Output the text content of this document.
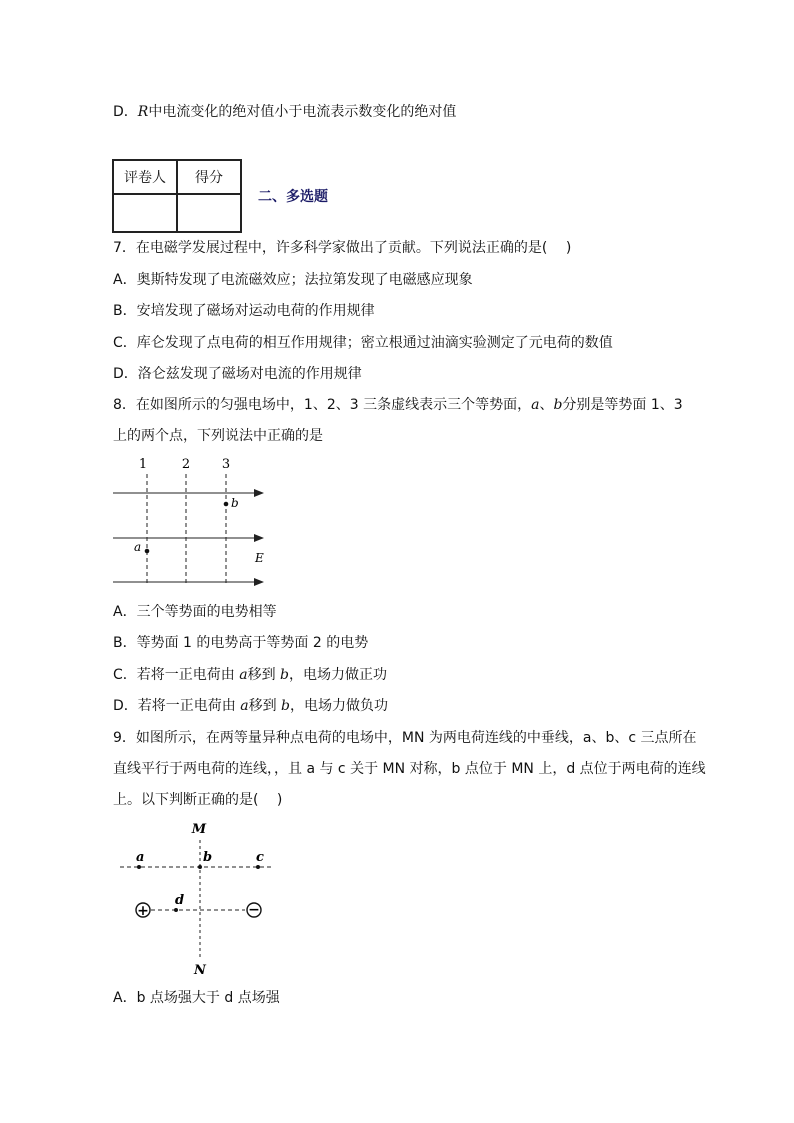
D．R中电流变化的绝对值小于电流表示数变化的绝对值
评卷人	得分

二、多选题
7．在电磁学发展过程中，许多科学家做出了贡献。下列说法正确的是(　 )
A．奥斯特发现了电流磁效应；法拉第发现了电磁感应现象
B．安培发现了磁场对运动电荷的作用规律
C．库仑发现了点电荷的相互作用规律；密立根通过油滴实验测定了元电荷的数值
D．洛仑兹发现了磁场对电流的作用规律
8．在如图所示的匀强电场中，1、2、3 三条虚线表示三个等势面，a、b分别是等势面 1、3
上的两个点，下列说法中正确的是
1	2 3
b
a
E
A．三个等势面的电势相等
B．等势面 1 的电势高于等势面 2 的电势
C．若将一正电荷由 a移到 b，电场力做正功
D．若将一正电荷由 a移到 b，电场力做负功
9．如图所示，在两等量异种点电荷的电场中，MN 为两电荷连线的中垂线，a、b、c 三点所在
直线平行于两电荷的连线，，且 a 与 c 关于 MN 对称，b 点位于 MN 上，d 点位于两电荷的连线
上。以下判断正确的是(　 )
M
N
a	b	c
d
+	−
A．b 点场强大于 d 点场强
